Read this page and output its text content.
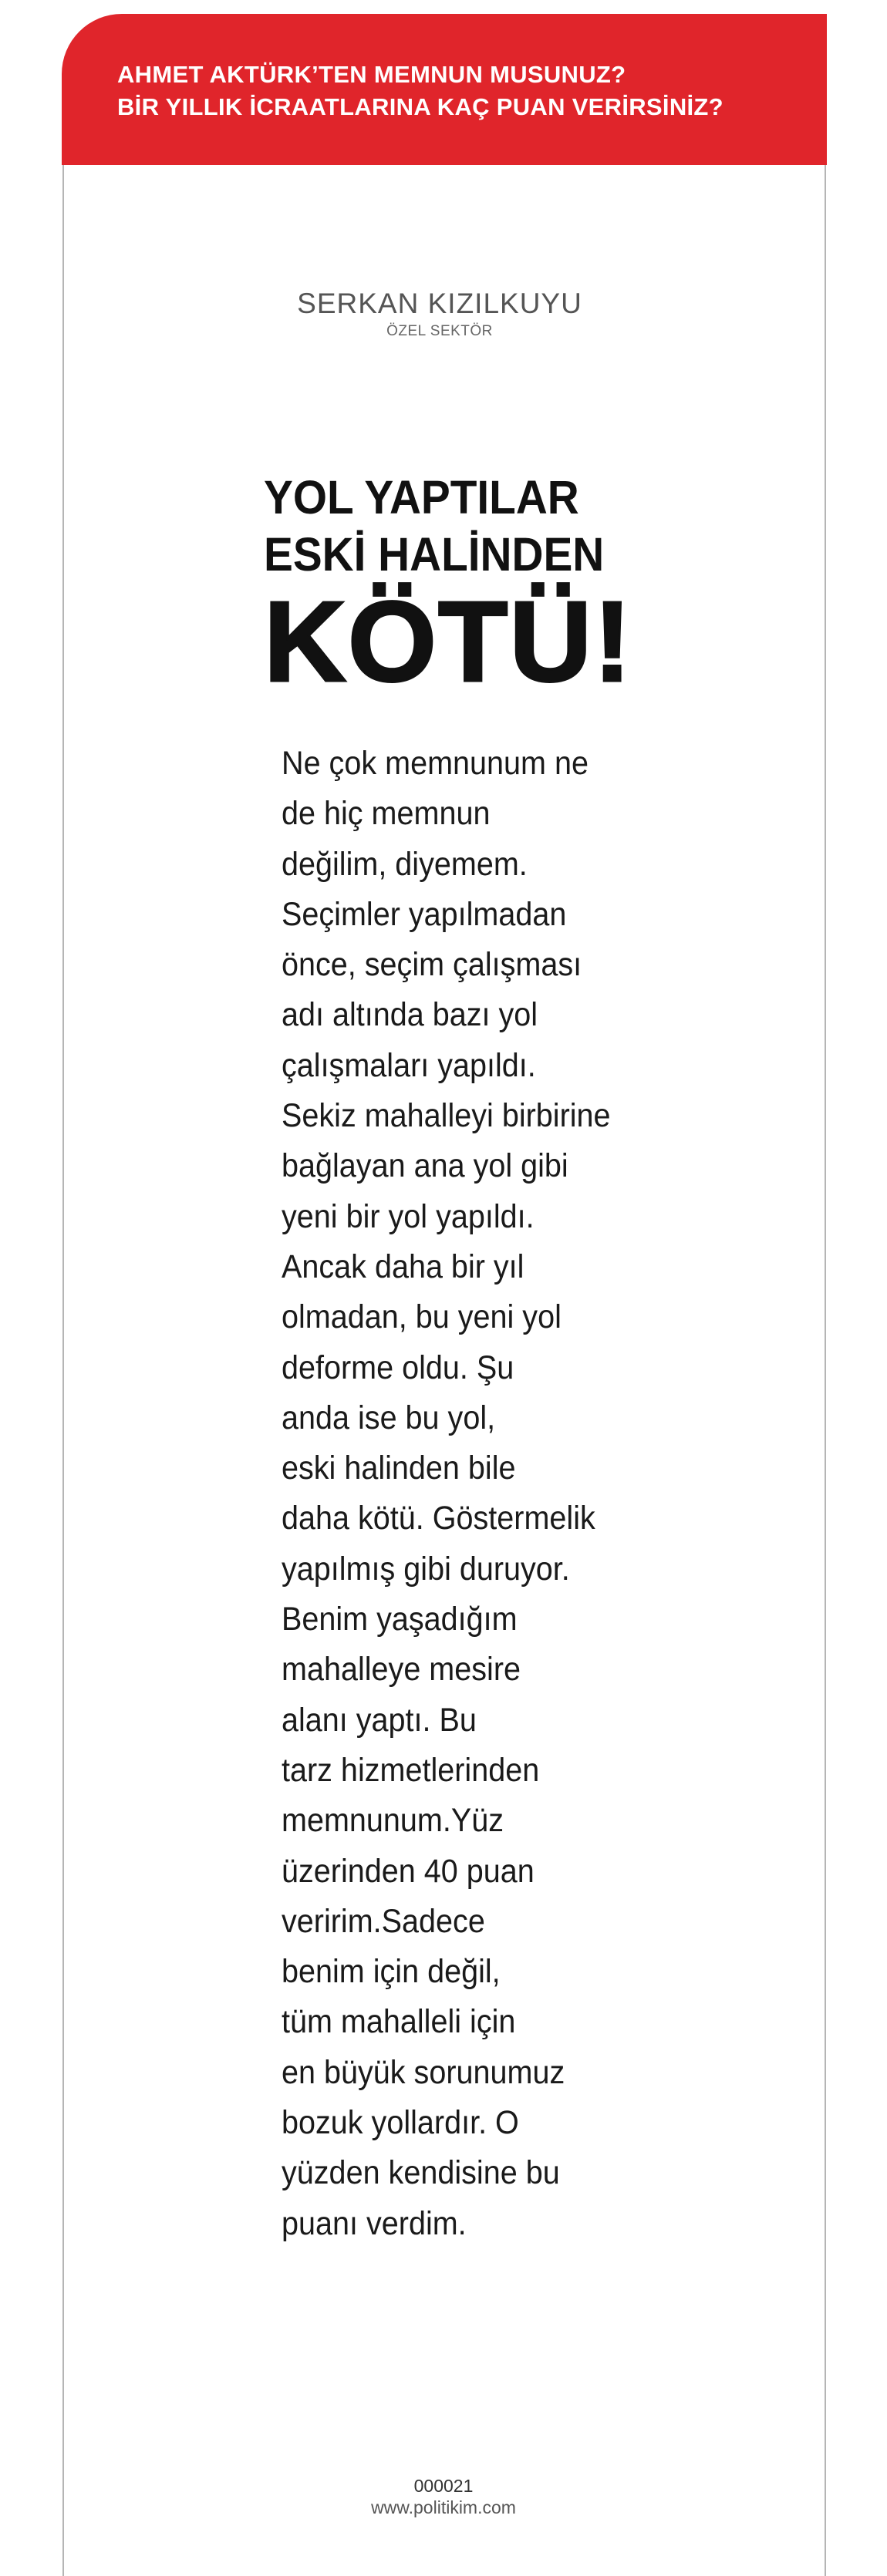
AHMET AKTÜRK’TEN MEMNUN MUSUNUZ?
BİR YILLIK İCRAATLARINA KAÇ PUAN VERİRSİNİZ?
SERKAN KIZILKUYU
ÖZEL SEKTÖR
YOL YAPTILAR
ESKİ HALİNDEN
KÖTÜ!
Ne çok memnunum ne
de hiç memnun
değilim, diyemem.
Seçimler yapılmadan
önce, seçim çalışması
adı altında bazı yol
çalışmaları yapıldı.
Sekiz mahalleyi birbirine
bağlayan ana yol gibi
yeni bir yol yapıldı.
Ancak daha bir yıl
olmadan, bu yeni yol
deforme oldu. Şu
anda ise bu yol,
eski halinden bile
daha kötü. Göstermelik
yapılmış gibi duruyor.
Benim yaşadığım
mahalleye mesire
alanı yaptı. Bu
tarz hizmetlerinden
memnunum.Yüz
üzerinden 40 puan
veririm.Sadece
benim için değil,
tüm mahalleli için
en büyük sorunumuz
bozuk yollardır. O
yüzden kendisine bu
puanı verdim.
000021
www.politikim.com
